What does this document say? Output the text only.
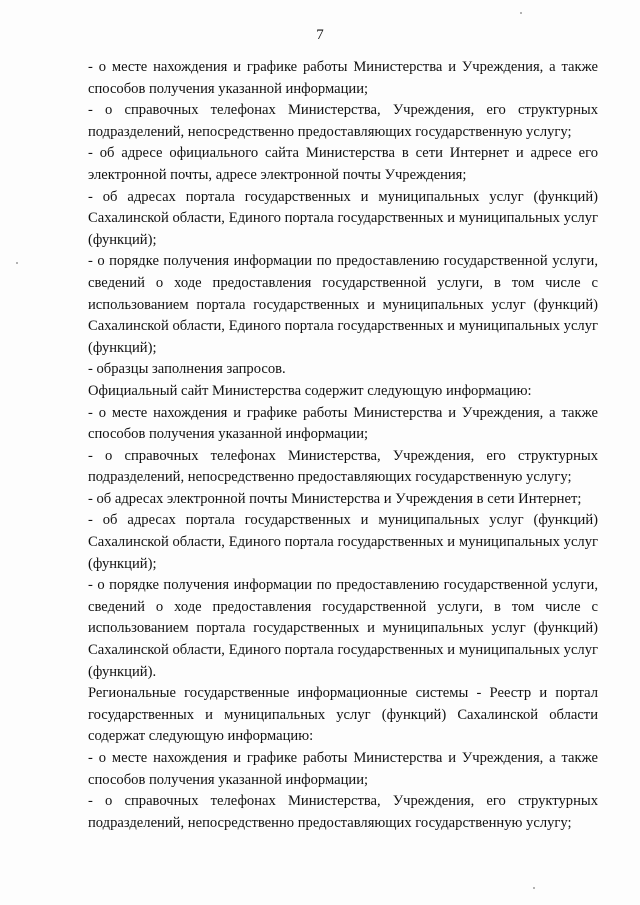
7

- о месте нахождения и графике работы Министерства и Учреждения, а также способов получения указанной информации;

- о справочных телефонах Министерства, Учреждения, его структурных подразделений, непосредственно предоставляющих государственную услугу;

- об адресе официального сайта Министерства в сети Интернет и адресе его электронной почты, адресе электронной почты Учреждения;

- об адресах портала государственных и муниципальных услуг (функций) Сахалинской области, Единого портала государственных и муниципальных услуг (функций);

- о порядке получения информации по предоставлению государственной услуги, сведений о ходе предоставления государственной услуги, в том числе с использованием портала государственных и муниципальных услуг (функций) Сахалинской области, Единого портала государственных и муниципальных услуг (функций);

- образцы заполнения запросов.

Официальный сайт Министерства содержит следующую информацию:

- о месте нахождения и графике работы Министерства и Учреждения, а также способов получения указанной информации;

- о справочных телефонах Министерства, Учреждения, его структурных подразделений, непосредственно предоставляющих государственную услугу;

- об адресах электронной почты Министерства и Учреждения в сети Интернет;

- об адресах портала государственных и муниципальных услуг (функций) Сахалинской области, Единого портала государственных и муниципальных услуг (функций);

- о порядке получения информации по предоставлению государственной услуги, сведений о ходе предоставления государственной услуги, в том числе с использованием портала государственных и муниципальных услуг (функций) Сахалинской области, Единого портала государственных и муниципальных услуг (функций).

Региональные государственные информационные системы - Реестр и портал государственных и муниципальных услуг (функций) Сахалинской области содержат следующую информацию:

- о месте нахождения и графике работы Министерства и Учреждения, а также способов получения указанной информации;

- о справочных телефонах Министерства, Учреждения, его структурных подразделений, непосредственно предоставляющих государственную услугу;
